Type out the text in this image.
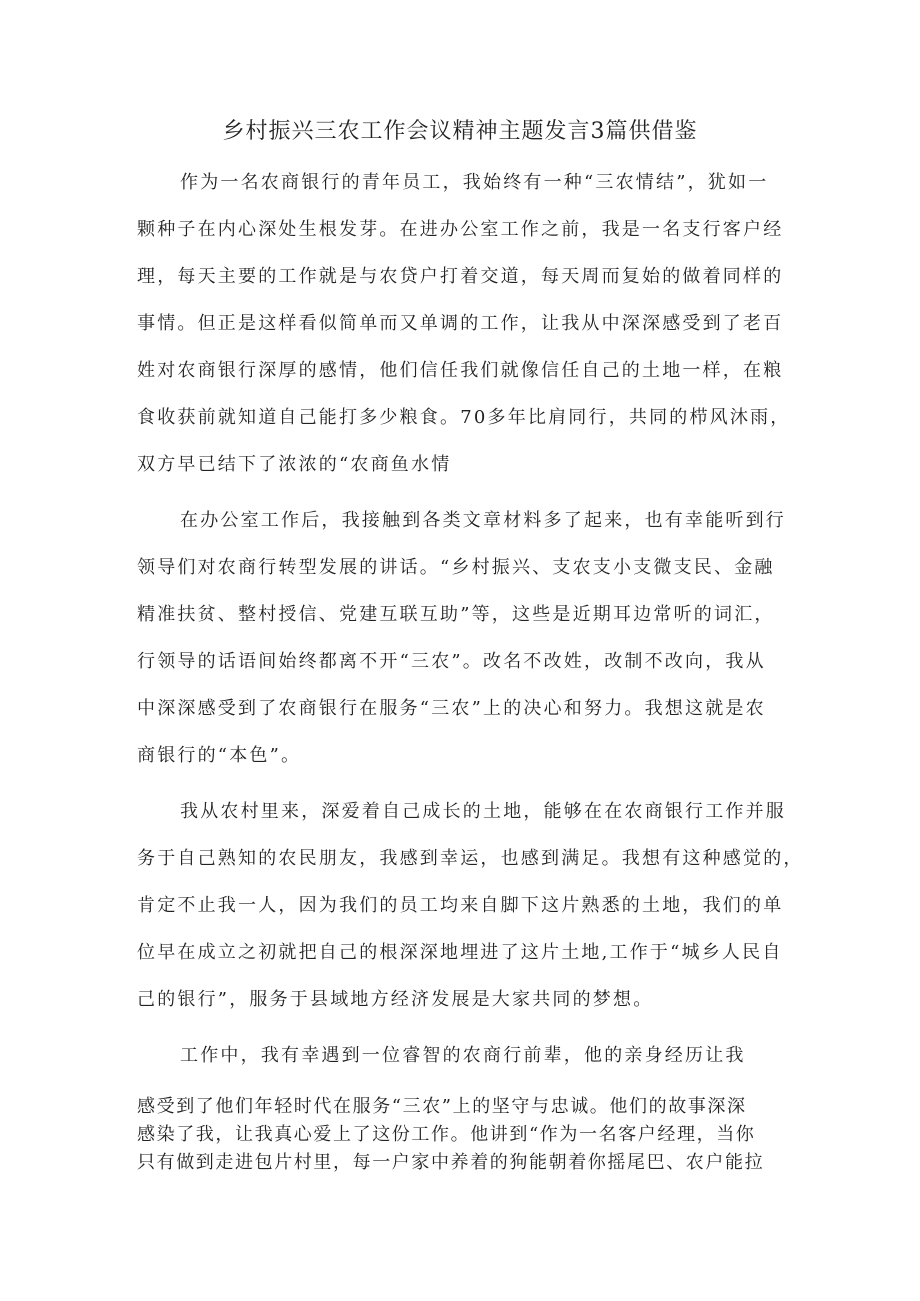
乡村振兴三农工作会议精神主题发言3篇供借鉴
作为一名农商银行的青年员工，我始终有一种“三农情结”，犹如一
颗种子在内心深处生根发芽。在进办公室工作之前，我是一名支行客户经
理，每天主要的工作就是与农贷户打着交道，每天周而复始的做着同样的
事情。但正是这样看似简单而又单调的工作，让我从中深深感受到了老百
姓对农商银行深厚的感情，他们信任我们就像信任自己的土地一样，在粮
食收获前就知道自己能打多少粮食。70多年比肩同行，共同的栉风沐雨，
双方早已结下了浓浓的“农商鱼水情
在办公室工作后，我接触到各类文章材料多了起来，也有幸能听到行
领导们对农商行转型发展的讲话。“乡村振兴、支农支小支微支民、金融
精准扶贫、整村授信、党建互联互助”等，这些是近期耳边常听的词汇，
行领导的话语间始终都离不开“三农”。改名不改姓，改制不改向，我从
中深深感受到了农商银行在服务“三农”上的决心和努力。我想这就是农
商银行的“本色”。
我从农村里来，深爱着自己成长的土地，能够在在农商银行工作并服
务于自己熟知的农民朋友，我感到幸运，也感到满足。我想有这种感觉的，
肯定不止我一人，因为我们的员工均来自脚下这片熟悉的土地，我们的单
位早在成立之初就把自己的根深深地埋进了这片土地,工作于“城乡人民自
己的银行”，服务于县域地方经济发展是大家共同的梦想。
工作中，我有幸遇到一位睿智的农商行前辈，他的亲身经历让我
感受到了他们年轻时代在服务“三农”上的坚守与忠诚。他们的故事深深
感染了我，让我真心爱上了这份工作。他讲到“作为一名客户经理，当你
只有做到走进包片村里，每一户家中养着的狗能朝着你摇尾巴、农户能拉
